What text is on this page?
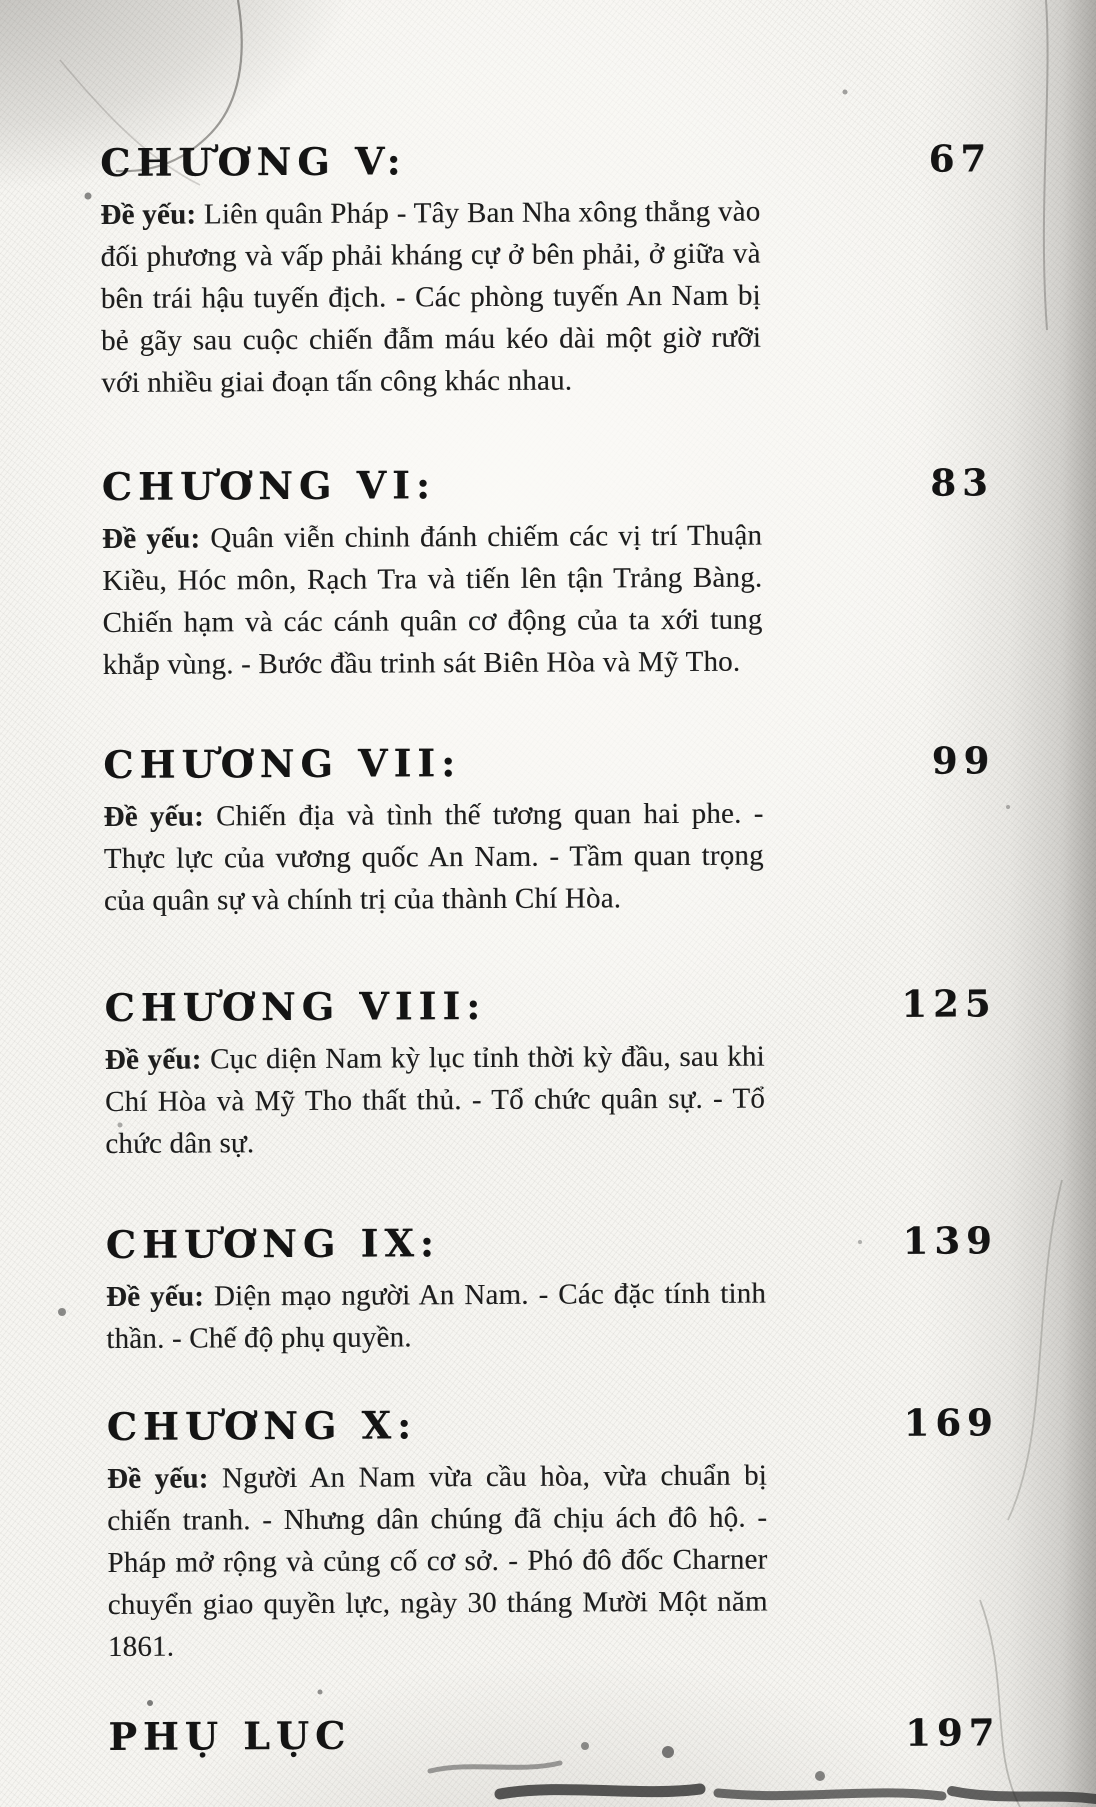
CHƯƠNG V:	67

Đề yếu: Liên quân Pháp - Tây Ban Nha xông thẳng vào đối phương và vấp phải kháng cự ở bên phải, ở giữa và bên trái hậu tuyến địch. - Các phòng tuyến An Nam bị bẻ gãy sau cuộc chiến đẫm máu kéo dài một giờ rưỡi với nhiều giai đoạn tấn công khác nhau.

CHƯƠNG VI:	83

Đề yếu: Quân viễn chinh đánh chiếm các vị trí Thuận Kiều, Hóc môn, Rạch Tra và tiến lên tận Trảng Bàng. Chiến hạm và các cánh quân cơ động của ta xới tung khắp vùng. - Bước đầu trinh sát Biên Hòa và Mỹ Tho.

CHƯƠNG VII:	99

Đề yếu: Chiến địa và tình thế tương quan hai phe. - Thực lực của vương quốc An Nam. - Tầm quan trọng của quân sự và chính trị của thành Chí Hòa.

CHƯƠNG VIII:	125

Đề yếu: Cục diện Nam kỳ lục tỉnh thời kỳ đầu, sau khi Chí Hòa và Mỹ Tho thất thủ. - Tổ chức quân sự. - Tổ chức dân sự.

CHƯƠNG IX:	139

Đề yếu: Diện mạo người An Nam. - Các đặc tính tinh thần. - Chế độ phụ quyền.

CHƯƠNG X:	169

Đề yếu: Người An Nam vừa cầu hòa, vừa chuẩn bị chiến tranh. - Nhưng dân chúng đã chịu ách đô hộ. - Pháp mở rộng và củng cố cơ sở. - Phó đô đốc Charner chuyển giao quyền lực, ngày 30 tháng Mười Một năm 1861.

PHỤ LỤC	197
